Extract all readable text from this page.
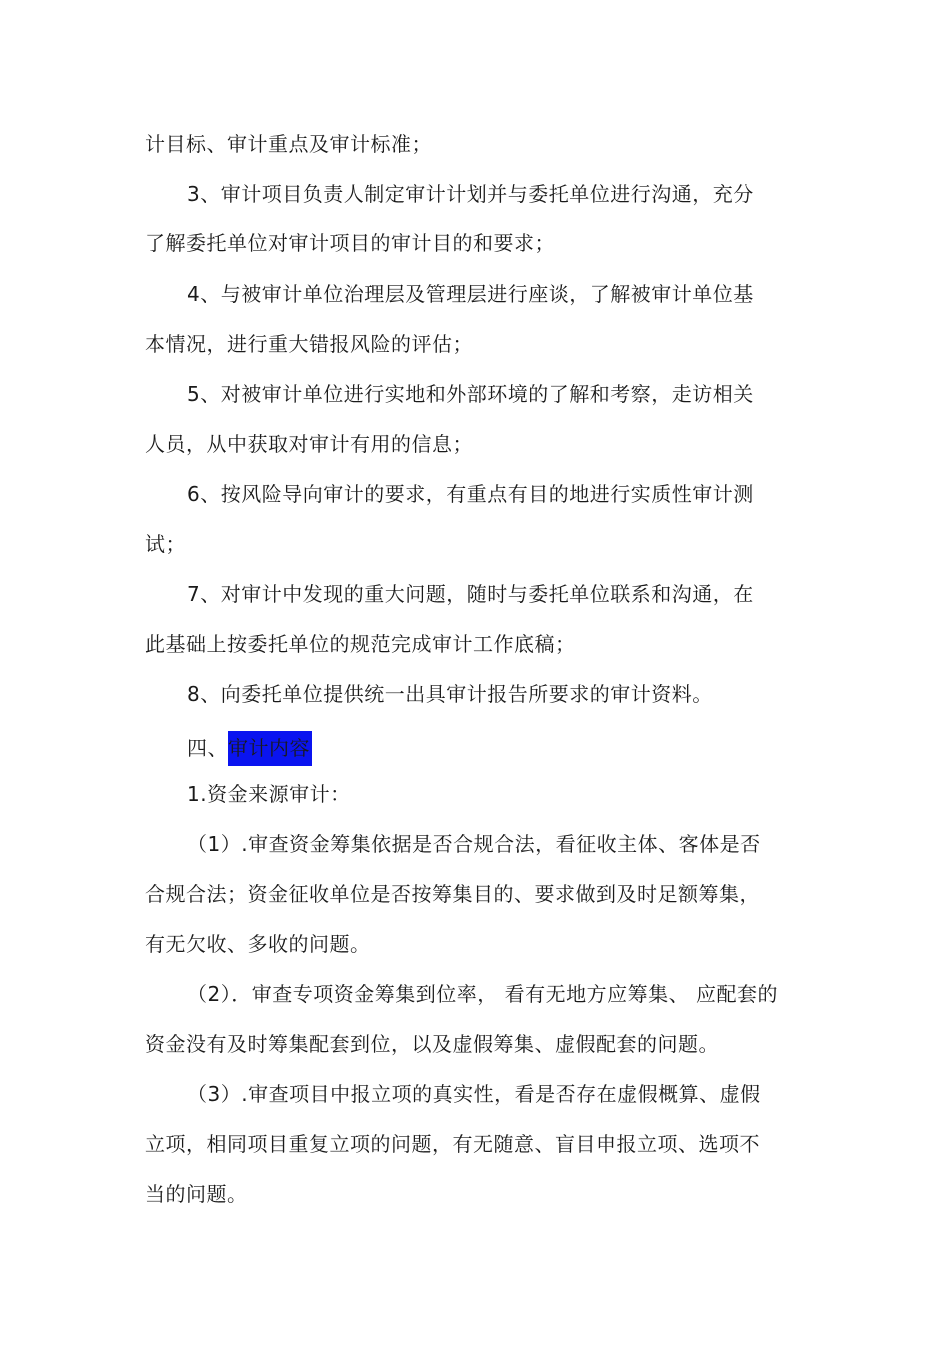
计目标、审计重点及审计标准；
3、审计项目负责人制定审计计划并与委托单位进行沟通，充分
了解委托单位对审计项目的审计目的和要求；
4、与被审计单位治理层及管理层进行座谈，了解被审计单位基
本情况，进行重大错报风险的评估；
5、对被审计单位进行实地和外部环境的了解和考察，走访相关
人员，从中获取对审计有用的信息；
6、按风险导向审计的要求，有重点有目的地进行实质性审计测
试；
7、对审计中发现的重大问题，随时与委托单位联系和沟通，在
此基础上按委托单位的规范完成审计工作底稿；
8、向委托单位提供统一出具审计报告所要求的审计资料。
四、审计内容
1.资金来源审计：
（1）.审查资金筹集依据是否合规合法，看征收主体、客体是否
合规合法；资金征收单位是否按筹集目的、要求做到及时足额筹集，
有无欠收、多收的问题。
（2）．审查专项资金筹集到位率， 看有无地方应筹集、 应配套的
资金没有及时筹集配套到位，以及虚假筹集、虚假配套的问题。
（3）.审查项目中报立项的真实性，看是否存在虚假概算、虚假
立项，相同项目重复立项的问题，有无随意、盲目申报立项、选项不
当的问题。
